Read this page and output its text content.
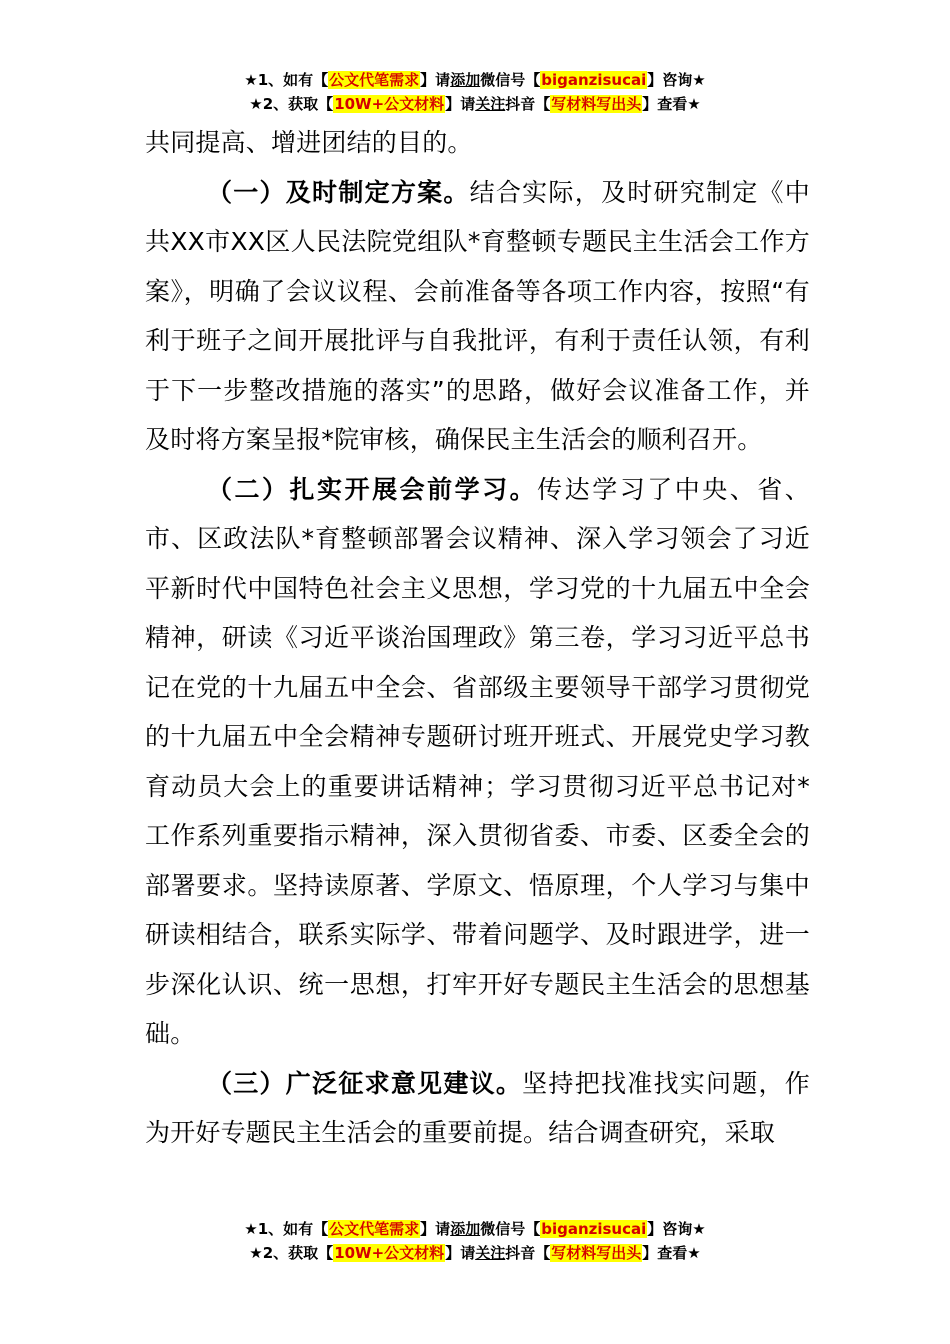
★1、如有【公文代笔需求】请添加微信号【biganzisucai】咨询★
★2、获取【10W+公文材料】请关注抖音【写材料写出头】查看★

共同提高、增进团结的目的。

（一）及时制定方案。结合实际，及时研究制定《中共XX市XX区人民法院党组队*育整顿专题民主生活会工作方案》，明确了会议议程、会前准备等各项工作内容，按照“有利于班子之间开展批评与自我批评，有利于责任认领，有利于下一步整改措施的落实”的思路，做好会议准备工作，并及时将方案呈报*院审核，确保民主生活会的顺利召开。

（二）扎实开展会前学习。传达学习了中央、省、市、区政法队*育整顿部署会议精神、深入学习领会了习近平新时代中国特色社会主义思想，学习党的十九届五中全会精神，研读《习近平谈治国理政》第三卷，学习习近平总书记在党的十九届五中全会、省部级主要领导干部学习贯彻党的十九届五中全会精神专题研讨班开班式、开展党史学习教育动员大会上的重要讲话精神；学习贯彻习近平总书记对*工作系列重要指示精神，深入贯彻省委、市委、区委全会的部署要求。坚持读原著、学原文、悟原理，个人学习与集中研读相结合，联系实际学、带着问题学、及时跟进学，进一步深化认识、统一思想，打牢开好专题民主生活会的思想基础。

（三）广泛征求意见建议。坚持把找准找实问题，作为开好专题民主生活会的重要前提。结合调查研究，采取

★1、如有【公文代笔需求】请添加微信号【biganzisucai】咨询★
★2、获取【10W+公文材料】请关注抖音【写材料写出头】查看★
